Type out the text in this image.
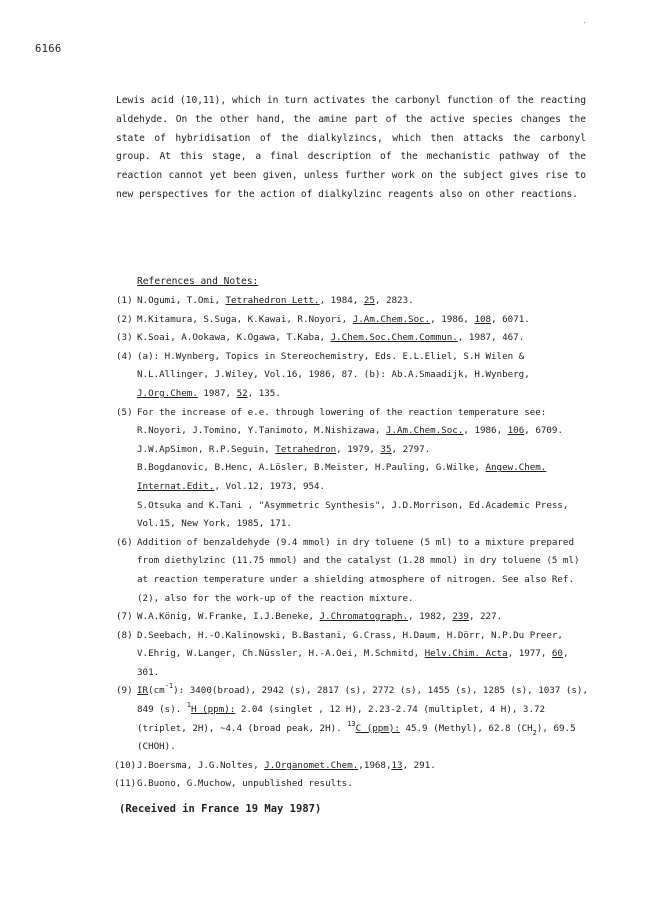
6166

Lewis acid (10,11), which in turn activates the carbonyl function of the reacting aldehyde. On the other hand, the amine part of the active species changes the state of hybridisation of the dialkylzincs, which then attacks the carbonyl group. At this stage, a final description of the mechanistic pathway of the reaction cannot yet been given, unless further work on the subject gives rise to new perspectives for the action of dialkylzinc reagents also on other reactions.

References and Notes:
(1) N.Ogumi, T.Omi, Tetrahedron Lett., 1984, 25, 2823.
(2) M.Kitamura, S.Suga, K.Kawai, R.Noyori, J.Am.Chem.Soc., 1986, 108, 6071.
(3) K.Soai, A.Ookawa, K.Ogawa, T.Kaba, J.Chem.Soc.Chem.Commun., 1987, 467.
(4) (a): H.Wynberg, Topics in Stereochemistry, Eds. E.L.Eliel, S.H Wilen & N.L.Allinger, J.Wiley, Vol.16, 1986, 87. (b): Ab.A.Smaadijk, H.Wynberg, J.Org.Chem. 1987, 52, 135.
(5) For the increase of e.e. through lowering of the reaction temperature see: R.Noyori, J.Tomino, Y.Tanimoto, M.Nishizawa, J.Am.Chem.Soc., 1986, 106, 6709.
J.W.ApSimon, R.P.Seguin, Tetrahedron, 1979, 35, 2797.
B.Bogdanovic, B.Henc, A.Lösler, B.Meister, H.Pauling, G.Wilke, Angew.Chem. Internat.Edit., Vol.12, 1973, 954.
S.Otsuka and K.Tani , "Asymmetric Synthesis", J.D.Morrison, Ed.Academic Press, Vol.15, New York, 1985, 171.
(6) Addition of benzaldehyde (9.4 mmol) in dry toluene (5 ml) to a mixture prepared from diethylzinc (11.75 mmol) and the catalyst (1.28 mmol) in dry toluene (5 ml) at reaction temperature under a shielding atmosphere of nitrogen. See also Ref.(2), also for the work-up of the reaction mixture.
(7) W.A.König, W.Franke, I.J.Beneke, J.Chromatograph., 1982, 239, 227.
(8) D.Seebach, H.-O.Kalinowski, B.Bastani, G.Crass, H.Daum, H.Dörr, N.P.Du Preer, V.Ehrig, W.Langer, Ch.Nüssler, H.-A.Oei, M.Schmitd, Helv.Chim. Acta, 1977, 60, 301.
(9) $IR(cm^{-1})$: 3400(broad), 2942 (s), 2817 (s), 2772 (s), 1455 (s), 1285 (s), 1037 (s), 849 (s). $^1$H (ppm): 2.04 (singlet , 12 H), 2.23-2.74 (multiplet, 4 H), 3.72 (triplet, 2H), ~4.4 (broad peak, 2H). $^{13}$C (ppm): 45.9 (Methyl), 62.8 $(CH_2)$, 69.5 (CHOH).
(10) J.Boersma, J.G.Noltes, J.Organomet.Chem.,1968,13, 291.
(11) G.Buono, G.Muchow, unpublished results.
(Received in France 19 May 1987)
